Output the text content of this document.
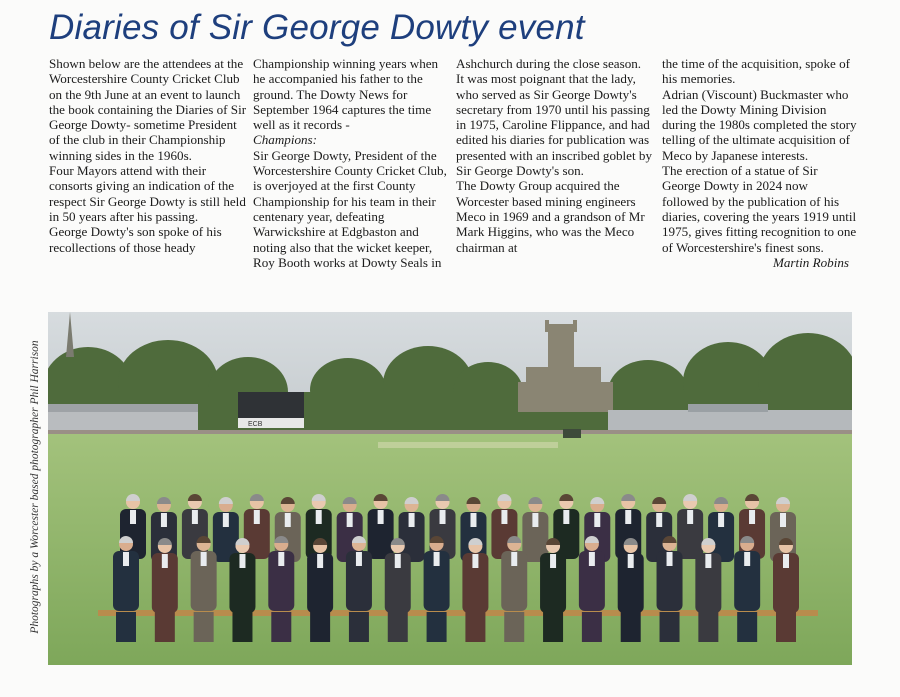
Diaries of Sir George Dowty event

Shown below are the attendees at the Worcestershire County Cricket Club on the 9th June at an event to launch the book containing the Diaries of Sir George Dowty- sometime President of the club in their Championship winning sides in the 1960s.

Four Mayors attend with their consorts giving an indication of the respect Sir George Dowty is still held in 50 years after his passing.

George Dowty's son spoke of his recollections of those heady

Championship winning years when he accompanied his father to the ground. The Dowty News for September 1964 captures the time well as it records -

Champions:

Sir George Dowty, President of the Worcestershire County Cricket Club, is overjoyed at the first County Championship for his team in their centenary year, defeating Warwickshire at Edgbaston and noting also that the wicket keeper, Roy Booth works at Dowty Seals in

Ashchurch during the close season.

It was most poignant that the lady, who served as Sir George Dowty's secretary from 1970 until his passing in 1975, Caroline Flippance, and had edited his diaries for publication was presented with an inscribed goblet by Sir George Dowty's son.

The Dowty Group acquired the Worcester based mining engineers Meco in 1969 and a grandson of Mr Mark Higgins, who was the Meco chairman at

the time of the acquisition, spoke of his memories.

Adrian (Viscount) Buckmaster who led the Dowty Mining Division during the 1980s completed the story telling of the ultimate acquisition of Meco by Japanese interests.

The erection of a statue of Sir George Dowty in 2024 now followed by the publication of his diaries, covering the years 1919 until 1975, gives fitting recognition to one of Worcestershire's finest sons.

Martin Robins

Photographs by a Worcester based photographer Phil Harrison	ECB
